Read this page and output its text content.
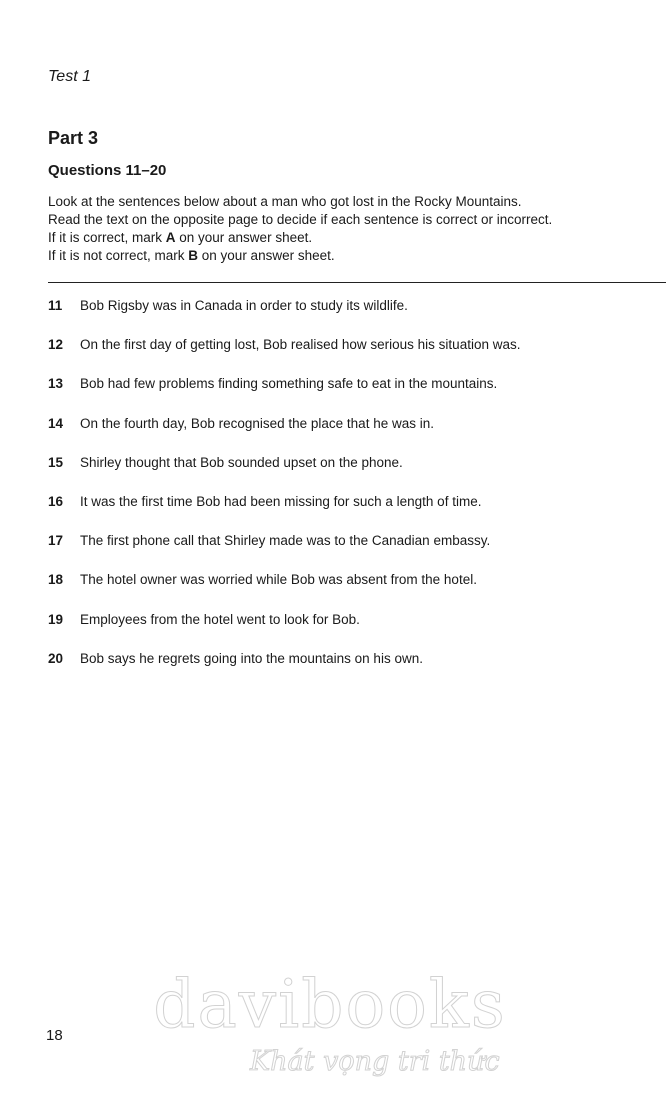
Test 1
Part 3
Questions 11–20

Look at the sentences below about a man who got lost in the Rocky Mountains.

Read the text on the opposite page to decide if each sentence is correct or incorrect.

If it is correct, mark A on your answer sheet.

If it is not correct, mark B on your answer sheet.

11	Bob Rigsby was in Canada in order to study its wildlife.
12	On the first day of getting lost, Bob realised how serious his situation was.
13	Bob had few problems finding something safe to eat in the mountains.
14	On the fourth day, Bob recognised the place that he was in.
15	Shirley thought that Bob sounded upset on the phone.
16	It was the first time Bob had been missing for such a length of time.
17	The first phone call that Shirley made was to the Canadian embassy.
18	The hotel owner was worried while Bob was absent from the hotel.
19	Employees from the hotel went to look for Bob.
20	Bob says he regrets going into the mountains on his own.
18	davibooks
Khát vọng tri thức
